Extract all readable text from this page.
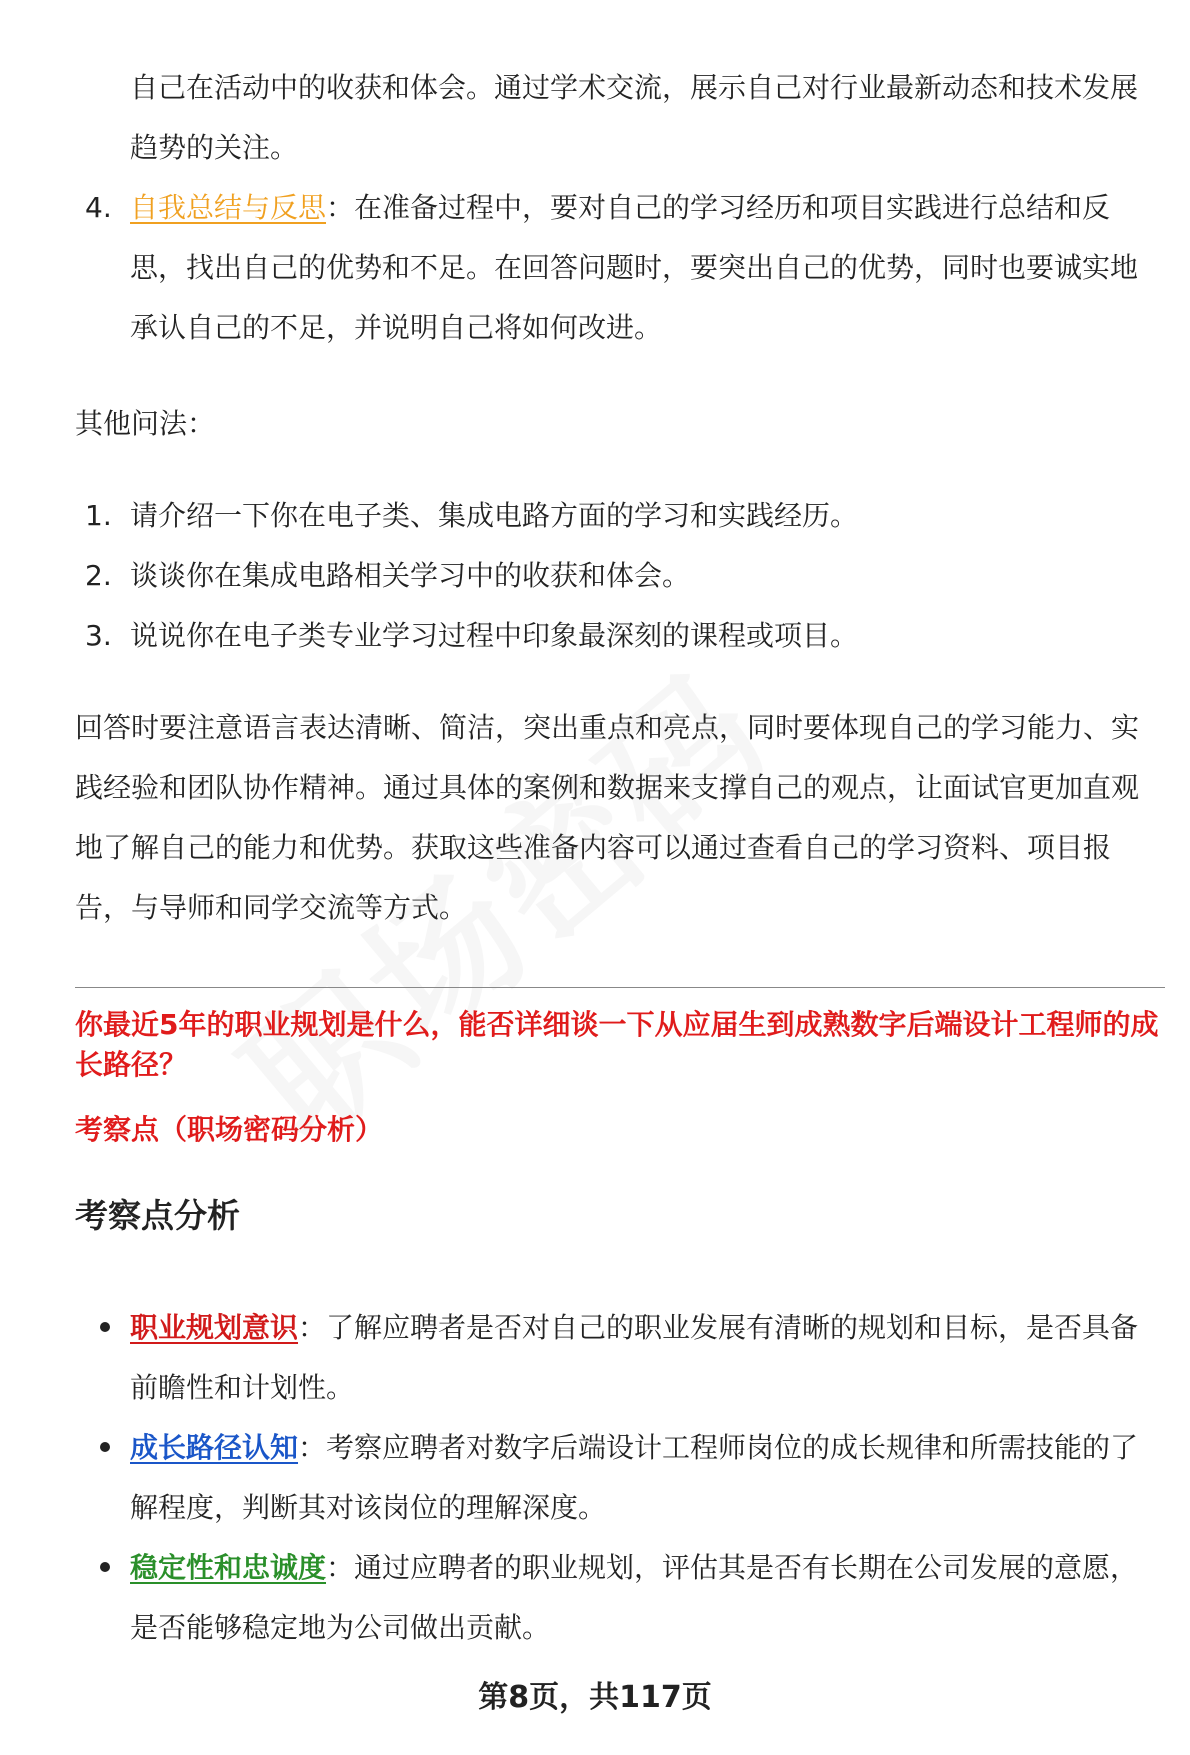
自己在活动中的收获和体会。通过学术交流，展示自己对行业最新动态和技术发展趋势的关注。
4. 自我总结与反思：在准备过程中，要对自己的学习经历和项目实践进行总结和反思，找出自己的优势和不足。在回答问题时，要突出自己的优势，同时也要诚实地承认自己的不足，并说明自己将如何改进。
其他问法：
1. 请介绍一下你在电子类、集成电路方面的学习和实践经历。
2. 谈谈你在集成电路相关学习中的收获和体会。
3. 说说你在电子类专业学习过程中印象最深刻的课程或项目。
回答时要注意语言表达清晰、简洁，突出重点和亮点，同时要体现自己的学习能力、实践经验和团队协作精神。通过具体的案例和数据来支撑自己的观点，让面试官更加直观地了解自己的能力和优势。获取这些准备内容可以通过查看自己的学习资料、项目报告，与导师和同学交流等方式。
你最近5年的职业规划是什么，能否详细谈一下从应届生到成熟数字后端设计工程师的成长路径？
考察点（职场密码分析）
考察点分析
职业规划意识：了解应聘者是否对自己的职业发展有清晰的规划和目标，是否具备前瞻性和计划性。
成长路径认知：考察应聘者对数字后端设计工程师岗位的成长规律和所需技能的了解程度，判断其对该岗位的理解深度。
稳定性和忠诚度：通过应聘者的职业规划，评估其是否有长期在公司发展的意愿，是否能够稳定地为公司做出贡献。
第8页，共117页
